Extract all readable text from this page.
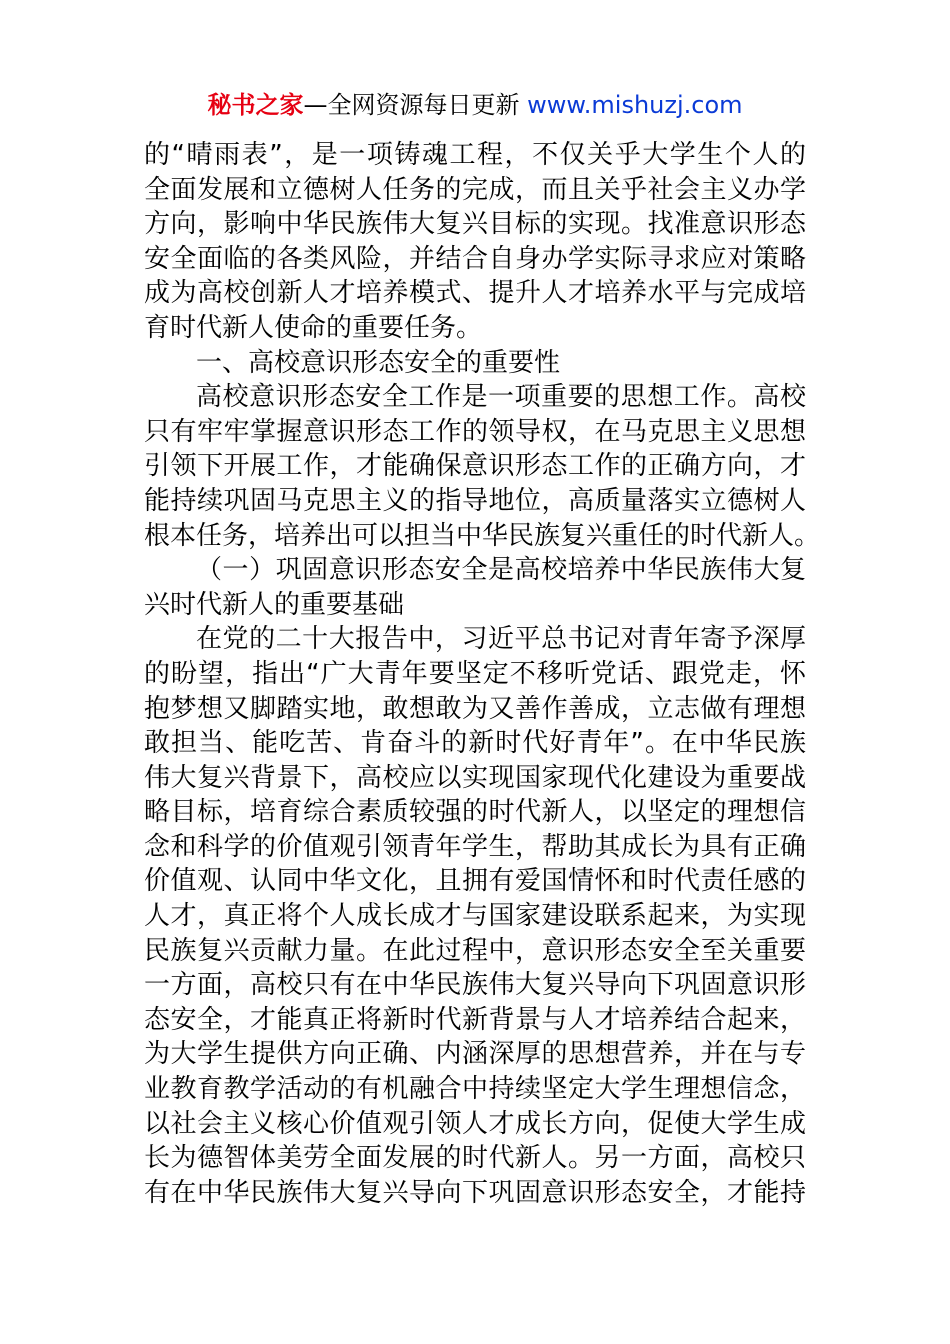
秘书之家—全网资源每日更新 www.mishuzj.com
的“晴雨表”，是一项铸魂工程，不仅关乎大学生个人的
全面发展和立德树人任务的完成，而且关乎社会主义办学
方向，影响中华民族伟大复兴目标的实现。找准意识形态
安全面临的各类风险，并结合自身办学实际寻求应对策略
成为高校创新人才培养模式、提升人才培养水平与完成培
育时代新人使命的重要任务。
一、高校意识形态安全的重要性
高校意识形态安全工作是一项重要的思想工作。高校
只有牢牢掌握意识形态工作的领导权，在马克思主义思想
引领下开展工作，才能确保意识形态工作的正确方向，才
能持续巩固马克思主义的指导地位，高质量落实立德树人
根本任务，培养出可以担当中华民族复兴重任的时代新人。
（一）巩固意识形态安全是高校培养中华民族伟大复
兴时代新人的重要基础
在党的二十大报告中，习近平总书记对青年寄予深厚
的盼望，指出“广大青年要坚定不移听党话、跟党走，怀
抱梦想又脚踏实地，敢想敢为又善作善成，立志做有理想
敢担当、能吃苦、肯奋斗的新时代好青年”。在中华民族
伟大复兴背景下，高校应以实现国家现代化建设为重要战
略目标，培育综合素质较强的时代新人，以坚定的理想信
念和科学的价值观引领青年学生，帮助其成长为具有正确
价值观、认同中华文化，且拥有爱国情怀和时代责任感的
人才，真正将个人成长成才与国家建设联系起来，为实现
民族复兴贡献力量。在此过程中，意识形态安全至关重要
一方面，高校只有在中华民族伟大复兴导向下巩固意识形
态安全，才能真正将新时代新背景与人才培养结合起来，
为大学生提供方向正确、内涵深厚的思想营养，并在与专
业教育教学活动的有机融合中持续坚定大学生理想信念，
以社会主义核心价值观引领人才成长方向，促使大学生成
长为德智体美劳全面发展的时代新人。另一方面，高校只
有在中华民族伟大复兴导向下巩固意识形态安全，才能持
